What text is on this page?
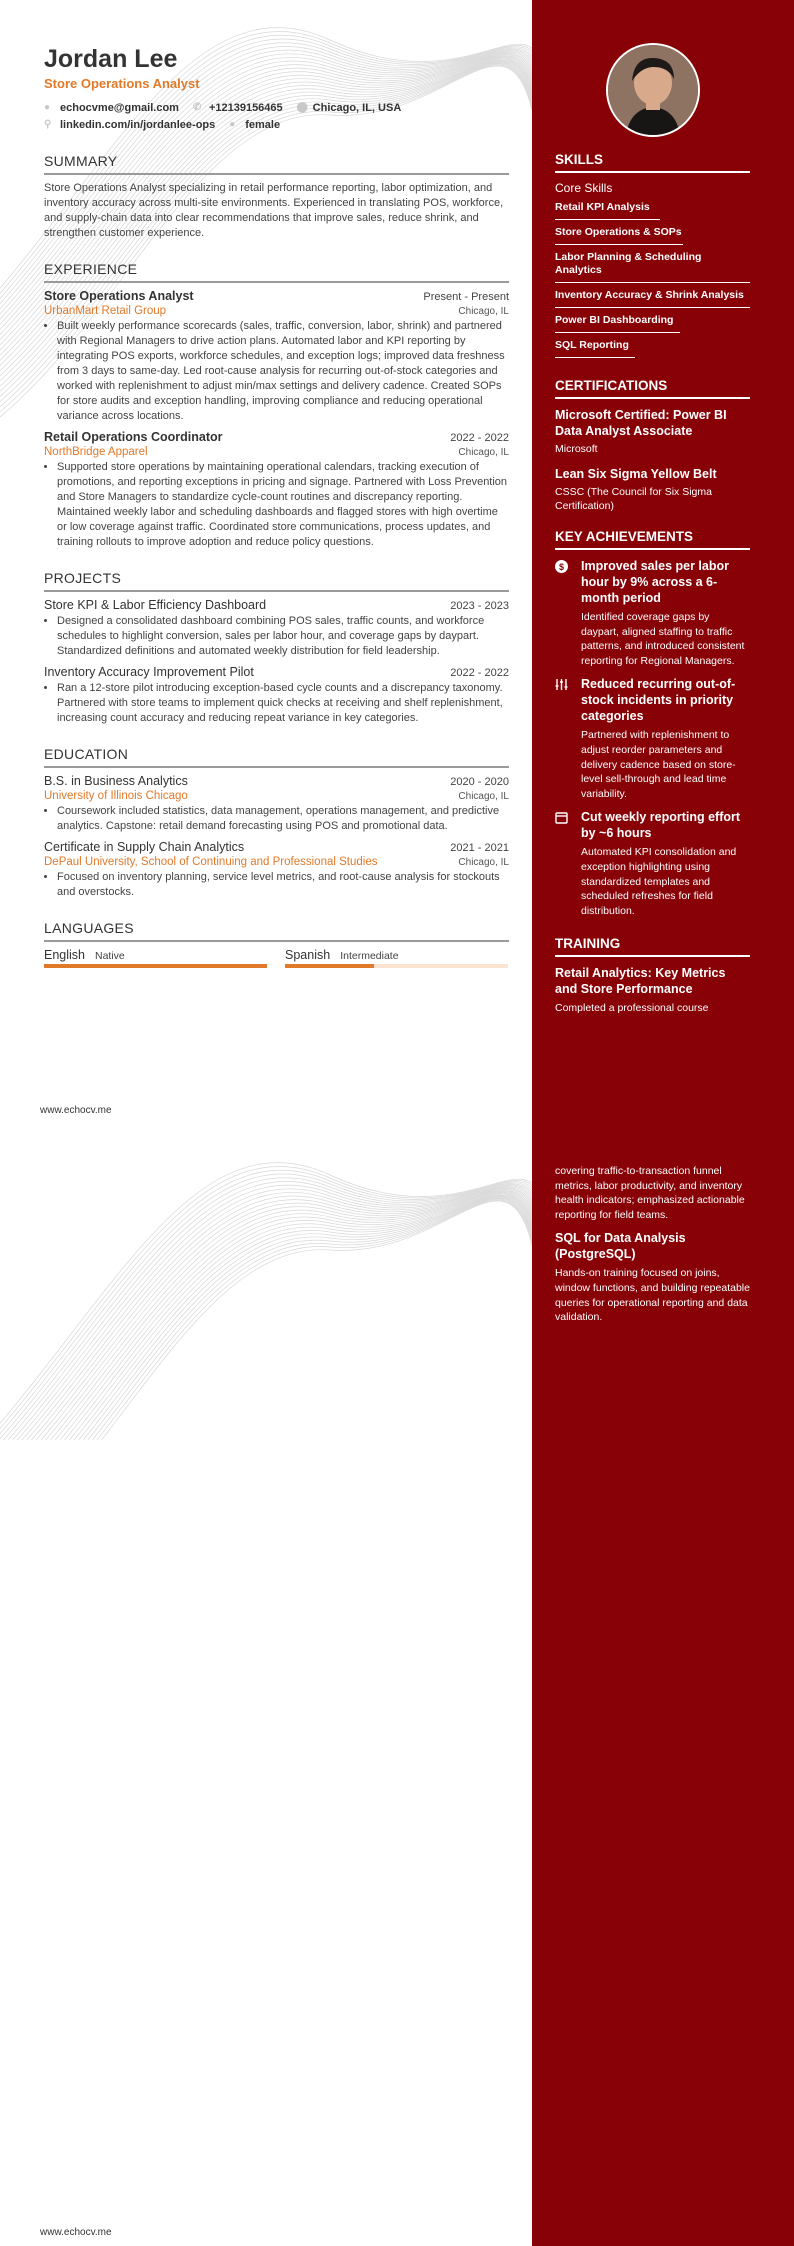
Jordan Lee
Store Operations Analyst
● echocvme@gmail.com ✆ +12139156465 ⬤ Chicago, IL, USA
⚲ linkedin.com/in/jordanlee-ops ● female
SUMMARY
Store Operations Analyst specializing in retail performance reporting, labor optimization, and inventory accuracy across multi-site environments. Experienced in translating POS, workforce, and supply-chain data into clear recommendations that improve sales, reduce shrink, and strengthen customer experience.
EXPERIENCE
Store Operations Analyst	Present - Present
UrbanMart Retail Group	Chicago, IL
• Built weekly performance scorecards (sales, traffic, conversion, labor, shrink) and partnered with Regional Managers to drive action plans. Automated labor and KPI reporting by integrating POS exports, workforce schedules, and exception logs; improved data freshness from 3 days to same-day. Led root-cause analysis for recurring out-of-stock categories and worked with replenishment to adjust min/max settings and delivery cadence. Created SOPs for store audits and exception handling, improving compliance and reducing operational variance across locations.
Retail Operations Coordinator	2022 - 2022
NorthBridge Apparel	Chicago, IL
• Supported store operations by maintaining operational calendars, tracking execution of promotions, and reporting exceptions in pricing and signage. Partnered with Loss Prevention and Store Managers to standardize cycle-count routines and discrepancy reporting. Maintained weekly labor and scheduling dashboards and flagged stores with high overtime or low coverage against traffic. Coordinated store communications, process updates, and training rollouts to improve adoption and reduce policy questions.
PROJECTS
Store KPI & Labor Efficiency Dashboard	2023 - 2023
• Designed a consolidated dashboard combining POS sales, traffic counts, and workforce schedules to highlight conversion, sales per labor hour, and coverage gaps by daypart. Standardized definitions and automated weekly distribution for field leadership.
Inventory Accuracy Improvement Pilot	2022 - 2022
• Ran a 12-store pilot introducing exception-based cycle counts and a discrepancy taxonomy. Partnered with store teams to implement quick checks at receiving and shelf replenishment, increasing count accuracy and reducing repeat variance in key categories.
EDUCATION
B.S. in Business Analytics	2020 - 2020
University of Illinois Chicago	Chicago, IL
• Coursework included statistics, data management, operations management, and predictive analytics. Capstone: retail demand forecasting using POS and promotional data.
Certificate in Supply Chain Analytics	2021 - 2021
DePaul University, School of Continuing and Professional Studies	Chicago, IL
• Focused on inventory planning, service level metrics, and root-cause analysis for stockouts and overstocks.
LANGUAGES
English Native	Spanish Intermediate
www.echocv.me
www.echocv.me
SKILLS
Core Skills
Retail KPI Analysis
Store Operations & SOPs
Labor Planning & Scheduling Analytics
Inventory Accuracy & Shrink Analysis
Power BI Dashboarding
SQL Reporting
CERTIFICATIONS
Microsoft Certified: Power BI Data Analyst Associate
Microsoft
Lean Six Sigma Yellow Belt
CSSC (The Council for Six Sigma Certification)
KEY ACHIEVEMENTS
$ Improved sales per labor hour by 9% across a 6-month period
Identified coverage gaps by daypart, aligned staffing to traffic patterns, and introduced consistent reporting for Regional Managers.
Reduced recurring out-of-stock incidents in priority categories
Partnered with replenishment to adjust reorder parameters and delivery cadence based on store-level sell-through and lead time variability.
Cut weekly reporting effort by ~6 hours
Automated KPI consolidation and exception highlighting using standardized templates and scheduled refreshes for field distribution.
TRAINING
Retail Analytics: Key Metrics and Store Performance
Completed a professional course
covering traffic-to-transaction funnel metrics, labor productivity, and inventory health indicators; emphasized actionable reporting for field teams.
SQL for Data Analysis (PostgreSQL)
Hands-on training focused on joins, window functions, and building repeatable queries for operational reporting and data validation.
